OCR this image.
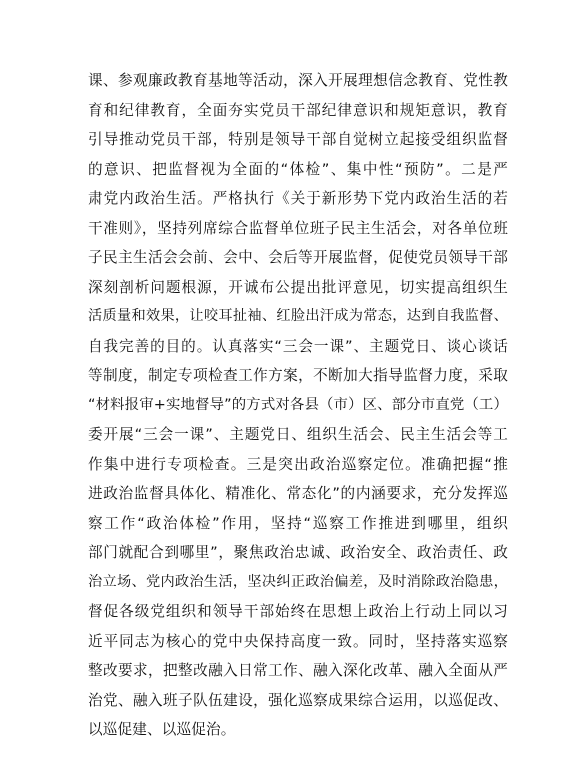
课、参观廉政教育基地等活动，深入开展理想信念教育、党性教
育和纪律教育，全面夯实党员干部纪律意识和规矩意识，教育
引导推动党员干部，特别是领导干部自觉树立起接受组织监督
的意识、把监督视为全面的“体检”、集中性“预防”。二是严
肃党内政治生活。严格执行《关于新形势下党内政治生活的若
干准则》，坚持列席综合监督单位班子民主生活会，对各单位班
子民主生活会会前、会中、会后等开展监督，促使党员领导干部
深刻剖析问题根源，开诚布公提出批评意见，切实提高组织生
活质量和效果，让咬耳扯袖、红脸出汗成为常态，达到自我监督、
自我完善的目的。认真落实“三会一课”、主题党日、谈心谈话
等制度，制定专项检查工作方案，不断加大指导监督力度，采取
“材料报审+实地督导”的方式对各县（市）区、部分市直党（工）
委开展“三会一课”、主题党日、组织生活会、民主生活会等工
作集中进行专项检查。三是突出政治巡察定位。准确把握“推
进政治监督具体化、精准化、常态化”的内涵要求，充分发挥巡
察工作“政治体检”作用，坚持“巡察工作推进到哪里，组织
部门就配合到哪里”，聚焦政治忠诚、政治安全、政治责任、政
治立场、党内政治生活，坚决纠正政治偏差，及时消除政治隐患，
督促各级党组织和领导干部始终在思想上政治上行动上同以习
近平同志为核心的党中央保持高度一致。同时，坚持落实巡察
整改要求，把整改融入日常工作、融入深化改革、融入全面从严
治党、融入班子队伍建设，强化巡察成果综合运用，以巡促改、
以巡促建、以巡促治。
